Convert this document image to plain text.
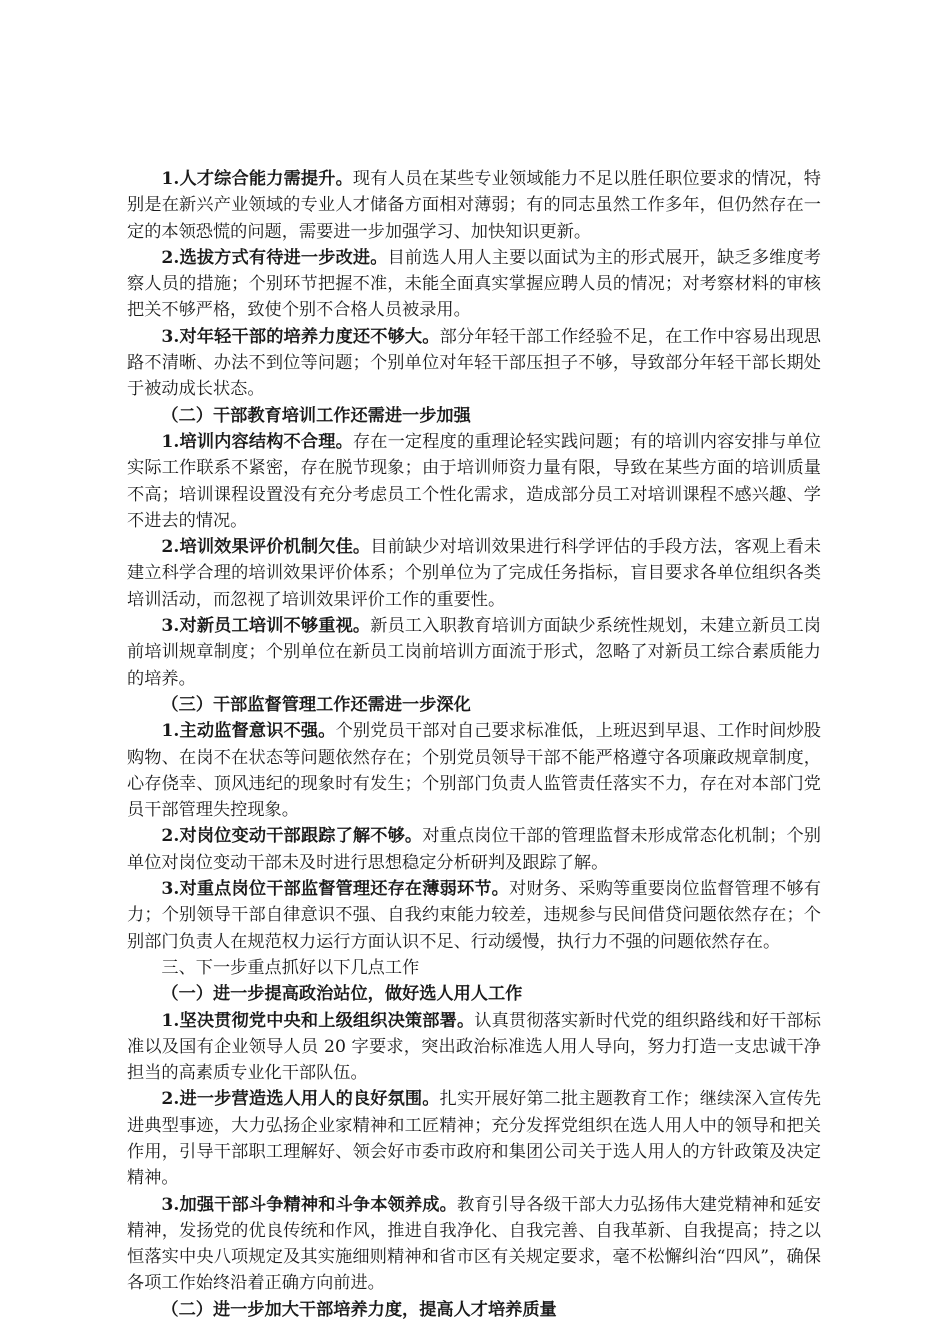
1.人才综合能力需提升。现有人员在某些专业领域能力不足以胜任职位要求的情况，特别是在新兴产业领域的专业人才储备方面相对薄弱；有的同志虽然工作多年，但仍然存在一定的本领恐慌的问题，需要进一步加强学习、加快知识更新。

2.选拔方式有待进一步改进。目前选人用人主要以面试为主的形式展开，缺乏多维度考察人员的措施；个别环节把握不准，未能全面真实掌握应聘人员的情况；对考察材料的审核把关不够严格，致使个别不合格人员被录用。

3.对年轻干部的培养力度还不够大。部分年轻干部工作经验不足，在工作中容易出现思路不清晰、办法不到位等问题；个别单位对年轻干部压担子不够，导致部分年轻干部长期处于被动成长状态。

（二）干部教育培训工作还需进一步加强

1.培训内容结构不合理。存在一定程度的重理论轻实践问题；有的培训内容安排与单位实际工作联系不紧密，存在脱节现象；由于培训师资力量有限，导致在某些方面的培训质量不高；培训课程设置没有充分考虑员工个性化需求，造成部分员工对培训课程不感兴趣、学不进去的情况。

2.培训效果评价机制欠佳。目前缺少对培训效果进行科学评估的手段方法，客观上看未建立科学合理的培训效果评价体系；个别单位为了完成任务指标，盲目要求各单位组织各类培训活动，而忽视了培训效果评价工作的重要性。

3.对新员工培训不够重视。新员工入职教育培训方面缺少系统性规划，未建立新员工岗前培训规章制度；个别单位在新员工岗前培训方面流于形式，忽略了对新员工综合素质能力的培养。

（三）干部监督管理工作还需进一步深化

1.主动监督意识不强。个别党员干部对自己要求标准低，上班迟到早退、工作时间炒股购物、在岗不在状态等问题依然存在；个别党员领导干部不能严格遵守各项廉政规章制度，心存侥幸、顶风违纪的现象时有发生；个别部门负责人监管责任落实不力，存在对本部门党员干部管理失控现象。

2.对岗位变动干部跟踪了解不够。对重点岗位干部的管理监督未形成常态化机制；个别单位对岗位变动干部未及时进行思想稳定分析研判及跟踪了解。

3.对重点岗位干部监督管理还存在薄弱环节。对财务、采购等重要岗位监督管理不够有力；个别领导干部自律意识不强、自我约束能力较差，违规参与民间借贷问题依然存在；个别部门负责人在规范权力运行方面认识不足、行动缓慢，执行力不强的问题依然存在。

三、下一步重点抓好以下几点工作

（一）进一步提高政治站位，做好选人用人工作

1.坚决贯彻党中央和上级组织决策部署。认真贯彻落实新时代党的组织路线和好干部标准以及国有企业领导人员 20 字要求，突出政治标准选人用人导向，努力打造一支忠诚干净担当的高素质专业化干部队伍。

2.进一步营造选人用人的良好氛围。扎实开展好第二批主题教育工作；继续深入宣传先进典型事迹，大力弘扬企业家精神和工匠精神；充分发挥党组织在选人用人中的领导和把关作用，引导干部职工理解好、领会好市委市政府和集团公司关于选人用人的方针政策及决定精神。

3.加强干部斗争精神和斗争本领养成。教育引导各级干部大力弘扬伟大建党精神和延安精神，发扬党的优良传统和作风，推进自我净化、自我完善、自我革新、自我提高；持之以恒落实中央八项规定及其实施细则精神和省市区有关规定要求，毫不松懈纠治“四风”，确保各项工作始终沿着正确方向前进。

（二）进一步加大干部培养力度，提高人才培养质量
